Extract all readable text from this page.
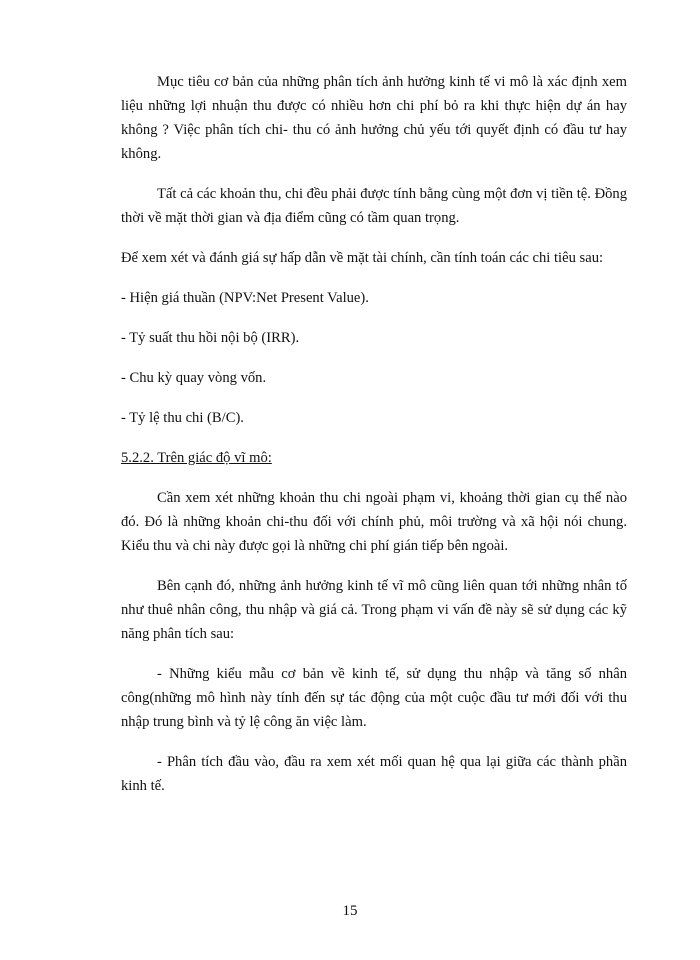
Mục tiêu cơ bản của những phân tích ảnh hưởng kinh tế vi mô là xác định xem liệu những lợi nhuận thu được có nhiều hơn chi phí bỏ ra khi thực hiện dự án hay không ? Việc phân tích chi- thu có ảnh hưởng chủ yếu tới quyết định có đầu tư hay không.

Tất cả các khoản thu, chi đều phải được tính bằng cùng một đơn vị tiền tệ. Đồng thời về mặt thời gian và địa điểm cũng có tầm quan trọng.

Để xem xét và đánh giá sự hấp dẫn về mặt tài chính, cần tính toán các chi tiêu sau:

- Hiện giá thuần (NPV:Net Present Value).

- Tỷ suất thu hồi nội bộ (IRR).

- Chu kỳ quay vòng vốn.

- Tỷ lệ thu chi (B/C).

5.2.2. Trên giác độ vĩ mô:

Cần xem xét những khoản thu chi ngoài phạm vi, khoảng thời gian cụ thể nào đó. Đó là những khoản chi-thu đối với chính phủ, môi trường và xã hội nói chung. Kiểu thu và chi này được gọi là những chi phí gián tiếp bên ngoài.

Bên cạnh đó, những ảnh hưởng kinh tế vĩ mô cũng liên quan tới những nhân tố như thuê nhân công, thu nhập và giá cả. Trong phạm vi vấn đề này sẽ sử dụng các kỹ năng phân tích sau:

- Những kiểu mẫu cơ bản về kinh tế, sử dụng thu nhập và tăng số nhân công(những mô hình này tính đến sự tác động của một cuộc đầu tư mới đối với thu nhập trung bình và tỷ lệ công ăn việc làm.

- Phân tích đầu vào, đầu ra xem xét mối quan hệ qua lại giữa các thành phần kinh tế.

15
